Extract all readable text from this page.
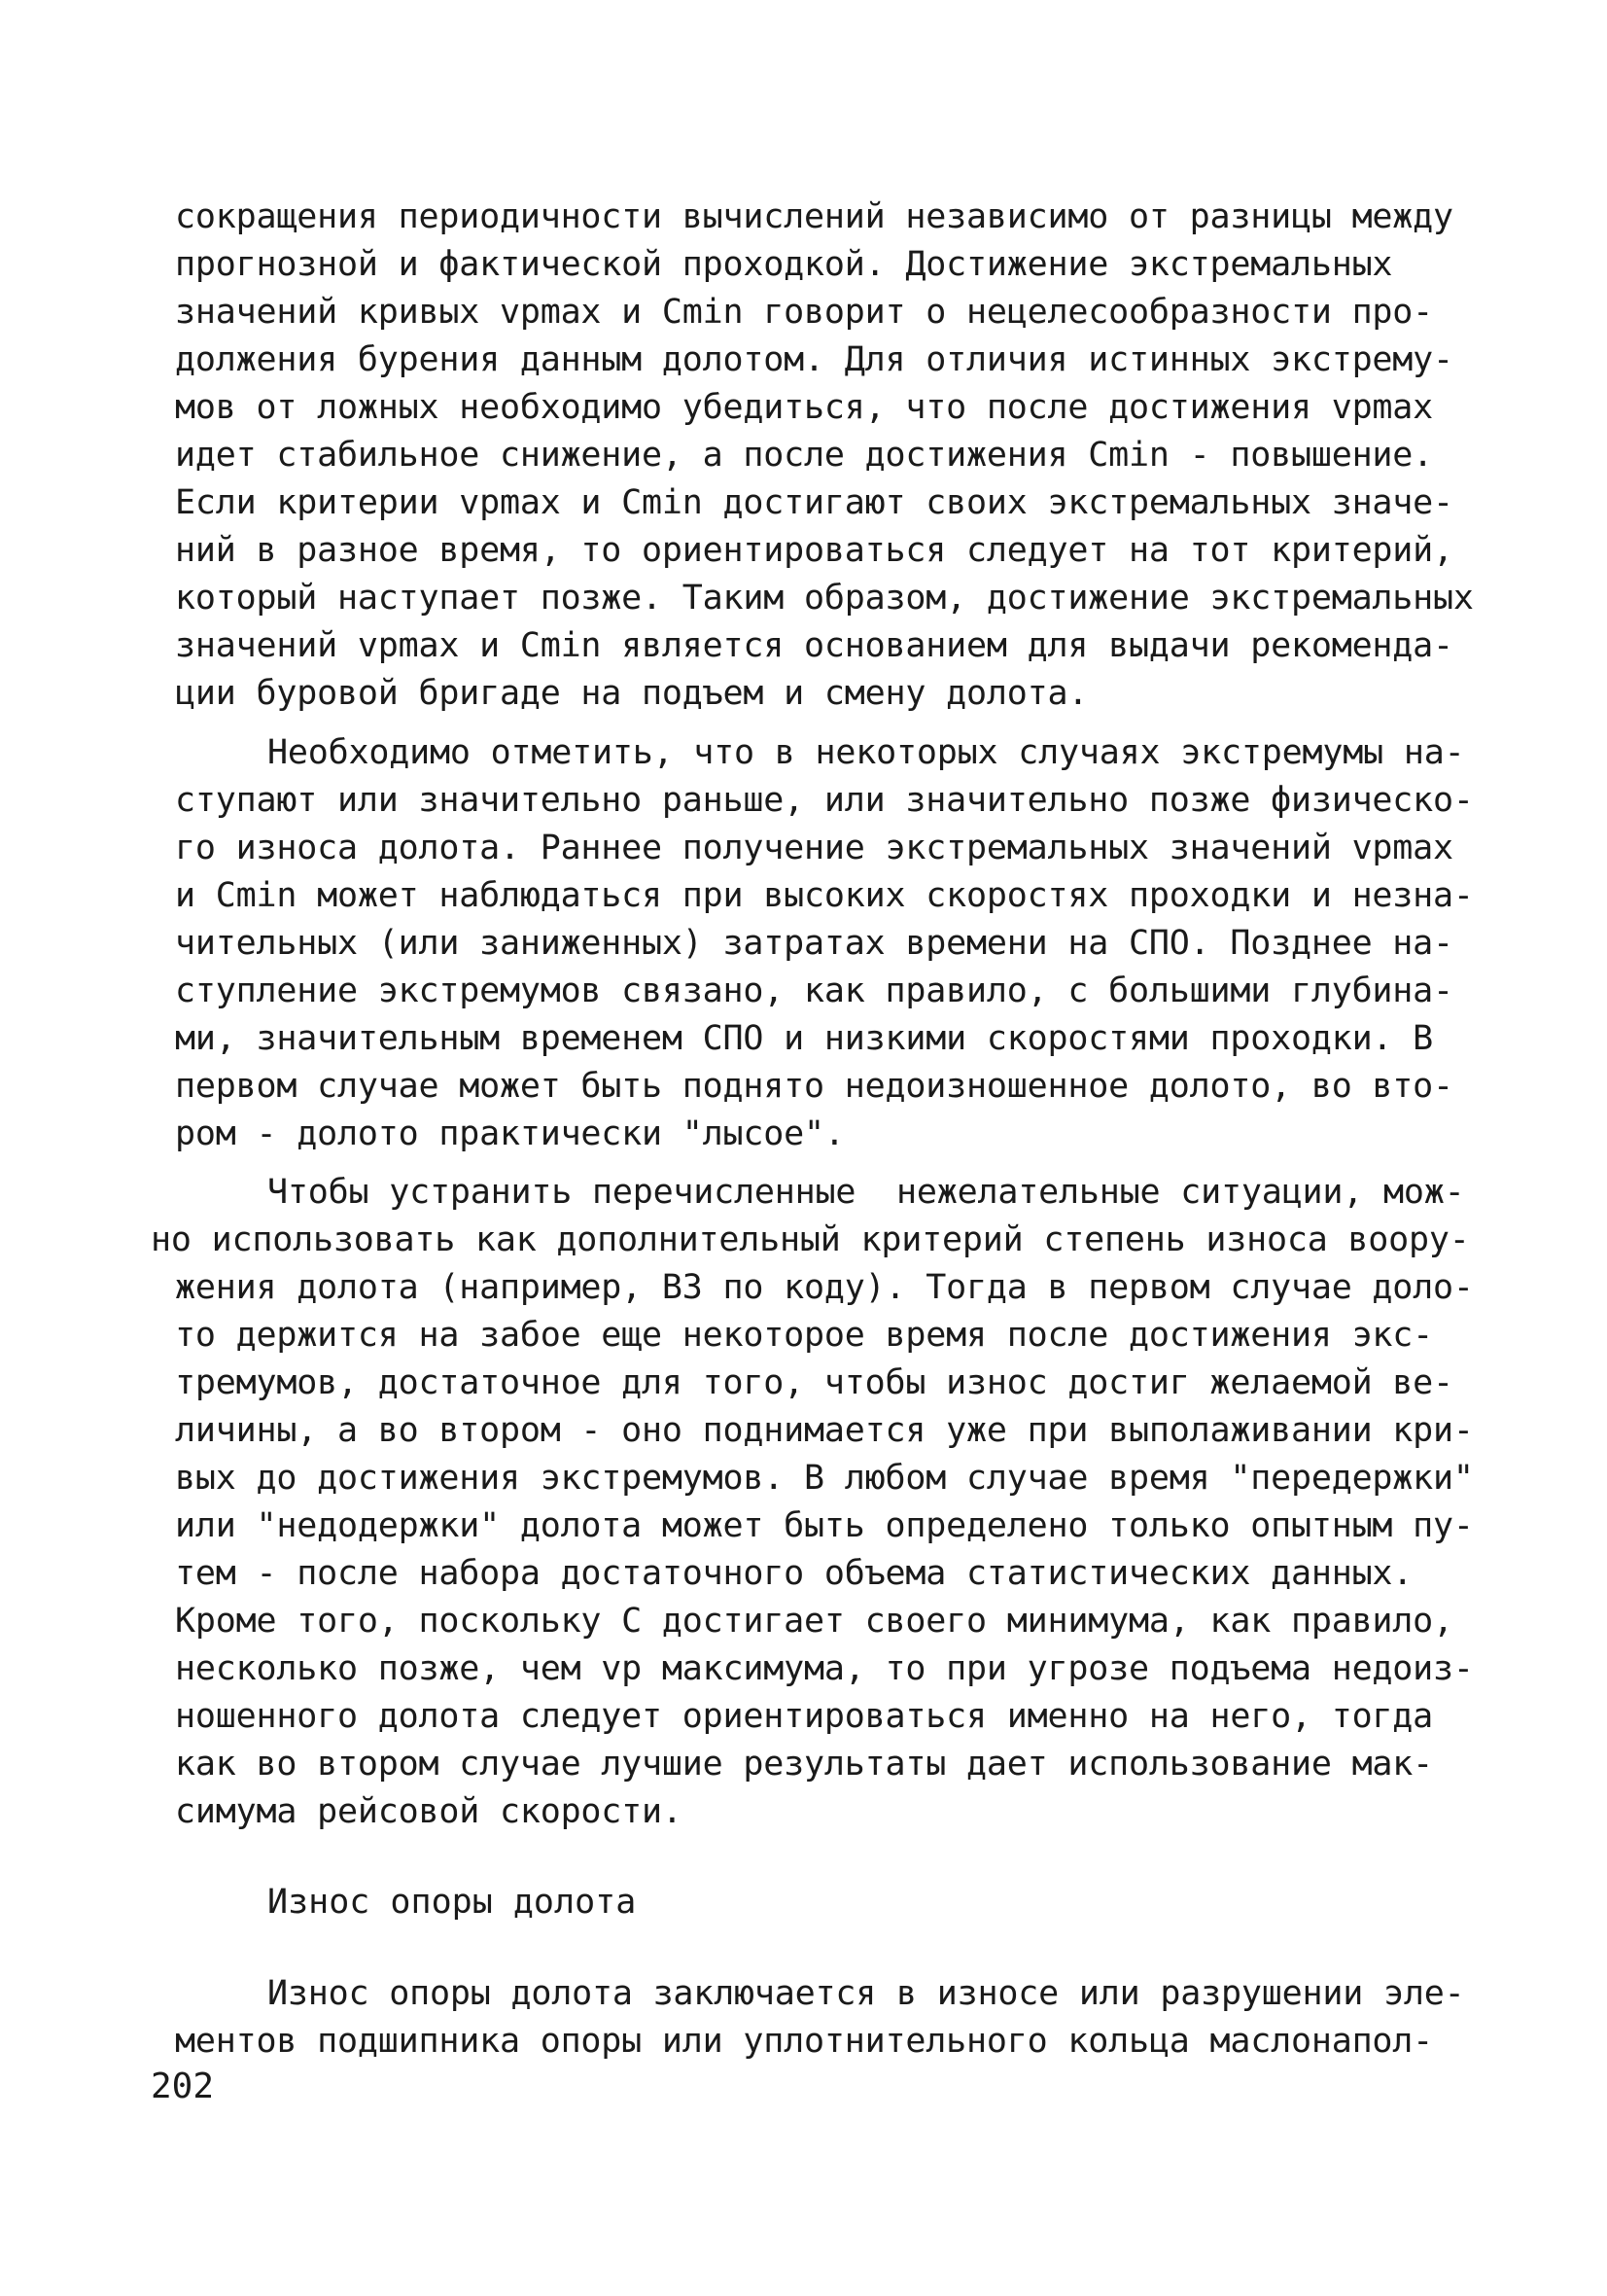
сокращения периодичности вычислений независимо от разницы между
прогнозной и фактической проходкой. Достижение экстремальных
значений кривых vpmax и Cmin говорит о нецелесообразности про-
должения бурения данным долотом. Для отличия истинных экстрему-
мов от ложных необходимо убедиться, что после достижения vpmax
идет стабильное снижение, а после достижения Cmin - повышение.
Если критерии vpmax и Cmin достигают своих экстремальных значе-
ний в разное время, то ориентироваться следует на тот критерий,
который наступает позже. Таким образом, достижение экстремальных
значений vpmax и Cmin является основанием для выдачи рекоменда-
ции буровой бригаде на подъем и смену долота.
Необходимо отметить, что в некоторых случаях экстремумы на-
ступают или значительно раньше, или значительно позже физическо-
го износа долота. Раннее получение экстремальных значений vpmax
и Cmin может наблюдаться при высоких скоростях проходки и незна-
чительных (или заниженных) затратах времени на СПО. Позднее на-
ступление экстремумов связано, как правило, с большими глубина-
ми, значительным временем СПО и низкими скоростями проходки. В
первом случае может быть поднято недоизношенное долото, во вто-
ром - долото практически "лысое".
Чтобы устранить перечисленные  нежелательные ситуации, мож-
но использовать как дополнительный критерий степень износа воору-
жения долота (например, ВЗ по коду). Тогда в первом случае доло-
то держится на забое еще некоторое время после достижения экс-
тремумов, достаточное для того, чтобы износ достиг желаемой ве-
личины, а во втором - оно поднимается уже при выполаживании кри-
вых до достижения экстремумов. В любом случае время "передержки"
или "недодержки" долота может быть определено только опытным пу-
тем - после набора достаточного объема статистических данных.
Кроме того, поскольку С достигает своего минимума, как правило,
несколько позже, чем vp максимума, то при угрозе подъема недоиз-
ношенного долота следует ориентироваться именно на него, тогда
как во втором случае лучшие результаты дает использование мак-
симума рейсовой скорости.
Износ опоры долота
Износ опоры долота заключается в износе или разрушении эле-
ментов подшипника опоры или уплотнительного кольца маслонапол-
202
